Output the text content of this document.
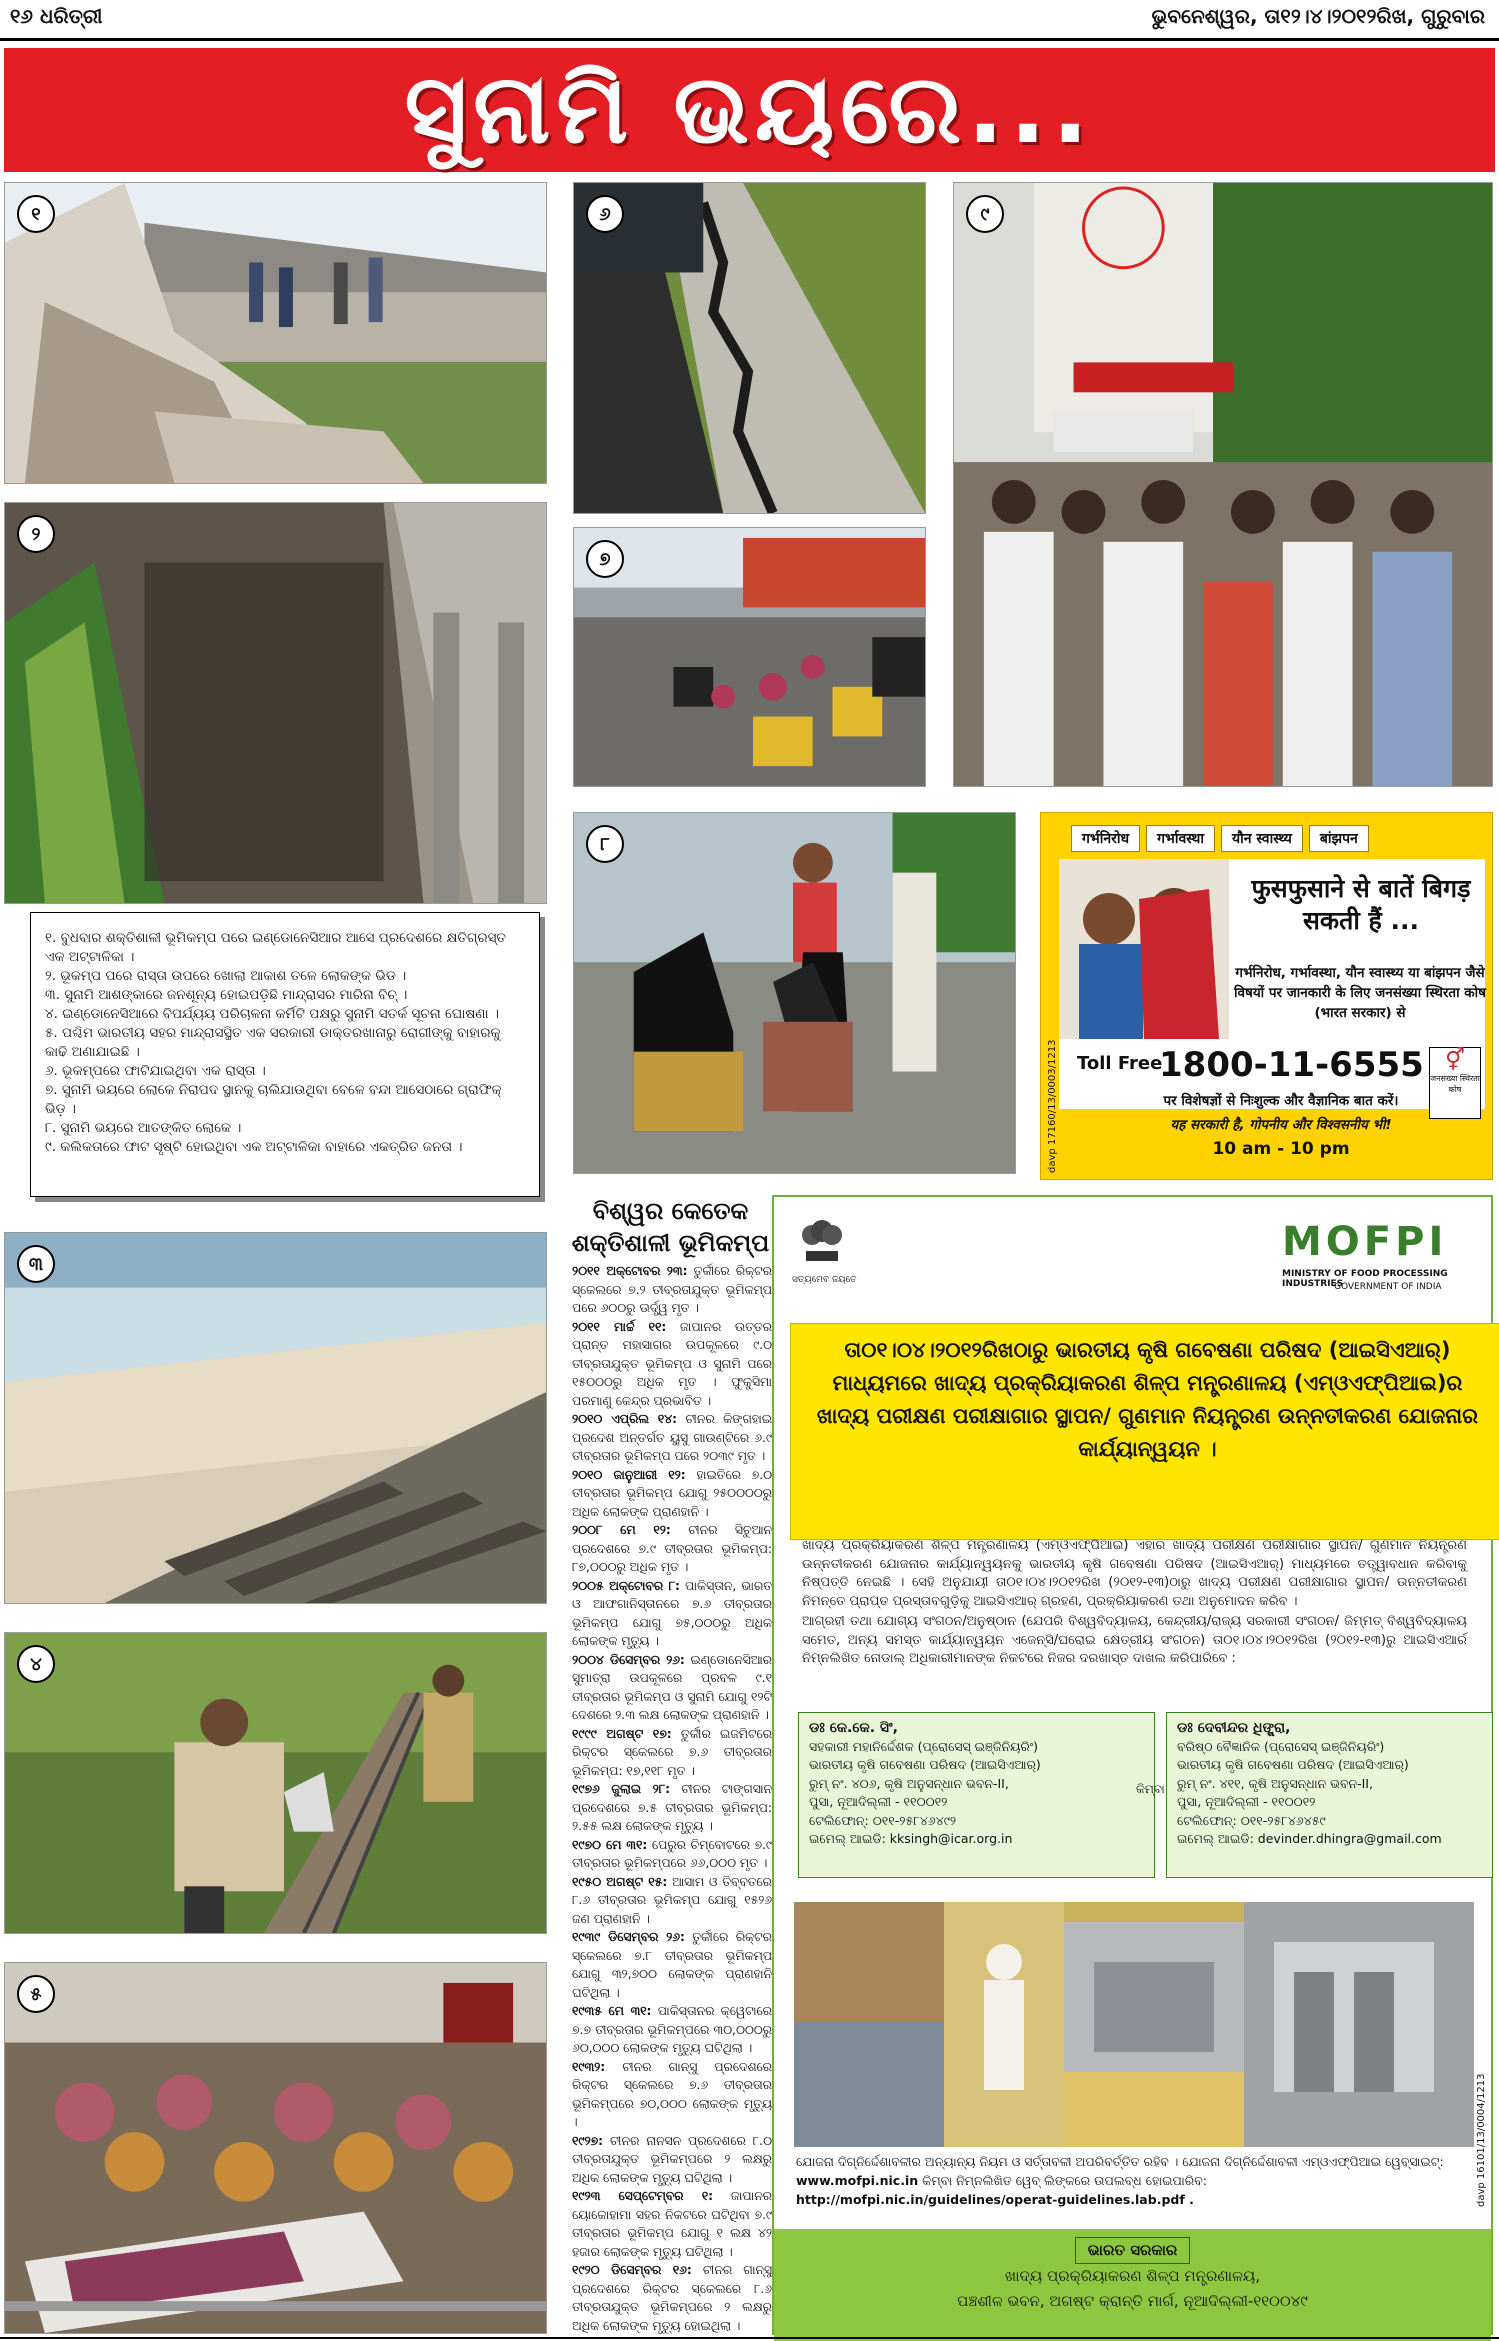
୧୬ ଧରିତ୍ରୀ	ଭୁବନେଶ୍ୱର, ତା୧୨।୪।୨୦୧୨ରିଖ, ଗୁରୁବାର
ସୁନାମି ଭୟରେ...
୧
୨
୧. ବୁଧବାର ଶକ୍ତିଶାଳୀ ଭୂମିକମ୍ପ ପରେ ଇଣ୍ଡୋନେସିଆର ଆସେ ପ୍ରଦେଶରେ କ୍ଷତିଗ୍ରସ୍ତ ଏକ ଅଟ୍ଟାଳିକା ।
୨. ଭୂକମ୍ପ ପରେ ରାସ୍ତା ଉପରେ ଖୋଲା ଆକାଶ ତଳେ ଲୋକଙ୍କ ଭିଡ ।
୩. ସୁନାମି ଆଶଙ୍କାରେ ଜନଶୂନ୍ୟ ହୋଇପଡ଼ିଛି ମାନ୍ଦ୍ରାସର ମାରିନା ବିଚ୍ ।
୪. ଇଣ୍ଡୋନେସିଆରେ ବିପର୍ଯ୍ୟୟ ପରିଚାଳନା କର୍ମିଟି ପକ୍ଷରୁ ସୁନାମି ସତର୍କ ସୂଚନା ଘୋଷଣା ।
୫. ପଶ୍ଚିମ ଭାରତୀୟ ସହର ମାନ୍ଦ୍ରାସସ୍ଥିତ ଏକ ସରକାରୀ ଡାକ୍ତରଖାନାରୁ ରୋଗୀଙ୍କୁ ବାହାରକୁ କାଢି ଅଣାଯାଇଛି ।
୬. ଭୂକମ୍ପରେ ଫାଟିଯାଇଥିବା ଏକ ରାସ୍ତା ।
୭. ସୁନାମି ଭୟରେ ଲୋକେ ନିରାପଦ ସ୍ଥାନକୁ ଚାଲିଯାଉଥିବା ବେଳେ ବନ୍ଦା ଆସେଠାରେ ଗ୍ରାଫିକ୍ ଭିଡ଼ ।
୮. ସୁନାମି ଭୟରେ ଆତଙ୍କିତ ଲୋକେ ।
୯. କଲିକତାରେ ଫାଟ ସୃଷ୍ଟି ହୋଇଥିବା ଏକ ଅଟ୍ଟାଳିକା ବାହାରେ ଏକତ୍ରିତ ଜନତା ।
୩
୪
୫
୬
୭
୮
୯
ବିଶ୍ୱର କେତେକ ଶକ୍ତିଶାଳୀ ଭୂମିକମ୍ପ

୨୦୧୧ ଅକ୍ଟୋବର ୨୩: ତୁର୍କୀରେ ରିକ୍ଟର ସ୍କେଲରେ ୭.୨ ତୀବ୍ରତାଯୁକ୍ତ ଭୂମିକମ୍ପ ପରେ ୬୦୦ରୁ ଊର୍ଦ୍ଧ୍ୱ ମୃତ ।

୨୦୧୧ ମାର୍ଚ୍ଚ ୧୧: ଜାପାନର ଉତ୍ତର ପ୍ରାନ୍ତ ମହାସାଗର ଉପକୂଳରେ ୯.୦ ତୀବ୍ରତାଯୁକ୍ତ ଭୂମିକମ୍ପ ଓ ସୁନାମି ପରେ ୧୫୦୦୦ରୁ ଅଧିକ ମୃତ । ଫୁକୁସିମା ପରମାଣୁ କେନ୍ଦ୍ର ପ୍ରଭାବିତ ।

୨୦୧୦ ଏପ୍ରିଲ ୧୪: ଚୀନର କିଙ୍ଗହାଇ ପ୍ରଦେଶ ଅନ୍ତର୍ଗତ ୟୁସୁ ଗାଉଣ୍ଟିରେ ୬.୯ ତୀବ୍ରତାର ଭୂମିକମ୍ପ ପରେ ୨୦୩୯ ମୃତ ।

୨୦୧୦ ଜାନୁଆରୀ ୧୨: ହାଇତିରେ ୭.୦ ତୀବ୍ରତାର ଭୂମିକମ୍ପ ଯୋଗୁ ୨୫୦୦୦୦ରୁ ଅଧିକ ଲୋକଙ୍କ ପ୍ରାଣହାନି ।

୨୦୦୮ ମେ ୧୨: ଚୀନର ସିଚୁଆନ ପ୍ରଦେଶରେ ୭.୯ ତୀବ୍ରତାର ଭୂମିକମ୍ପ: ୮୭,୦୦୦ରୁ ଅଧିକ ମୃତ ।

୨୦୦୫ ଅକ୍ଟୋବର ୮: ପାକିସ୍ତାନ, ଭାରତ ଓ ଆଫଗାନିସ୍ତାନରେ ୭.୬ ତୀବ୍ରତାର ଭୂମିକମ୍ପ ଯୋଗୁ ୭୫,୦୦୦ରୁ ଅଧିକ ଲୋକଙ୍କ ମୃତ୍ୟୁ ।

୨୦୦୪ ଡିସେମ୍ବର ୨୬: ଇଣ୍ଡୋନେସିଆର ସୁମାତ୍ରା ଉପକୂଳରେ ପ୍ରବଳ ୯.୧ ତୀବ୍ରତାର ଭୂମିକମ୍ପ ଓ ସୁନାମି ଯୋଗୁ ୧୨ଟି ଦେଶରେ ୨.୩ ଲକ୍ଷ ଲୋକଙ୍କ ପ୍ରାଣହାନି ।

୧୯୯୯ ଅଗଷ୍ଟ ୧୭: ତୁର୍କୀର ଇଜମିଟରେ ରିକ୍ଟର ସ୍କେଲରେ ୭.୬ ତୀବ୍ରତାର ଭୂମିକମ୍ପ: ୧୭,୧୧୮ ମୃତ ।

୧୯୭୬ ଜୁଲାଇ ୨୮: ଚୀନର ଟାଙ୍ଗସାନ ପ୍ରଦେଶରେ ୭.୫ ତୀବ୍ରତାର ଭୂମିକମ୍ପ: ୨.୫୫ ଲକ୍ଷ ଲୋକଙ୍କ ମୃତ୍ୟୁ ।

୧୯୭୦ ମେ ୩୧: ପେରୁର ଚିମ୍ବୋଟରେ ୭.୯ ତୀବ୍ରତାର ଭୂମିକମ୍ପରେ ୬୬,୦୦୦ ମୃତ ।

୧୯୫୦ ଅଗଷ୍ଟ ୧୫: ଆସାମ ଓ ତିବ୍ବତରେ ୮.୬ ତୀବ୍ରତାର ଭୂମିକମ୍ପ ଯୋଗୁ ୧୫୨୬ ଜଣ ପ୍ରାଣହାନି ।

୧୯୩୯ ଡିସେମ୍ବର ୨୬: ତୁର୍କୀରେ ରିକ୍ଟର ସ୍କେଲରେ ୭.୮ ତୀବ୍ରତାର ଭୂମିକମ୍ପ ଯୋଗୁ ୩୨,୭୦୦ ଲୋକଙ୍କ ପ୍ରାଣହାନି ଘଟିଥିଲା ।

୧୯୩୫ ମେ ୩୧: ପାକିସ୍ତାନର କ୍ୱେଟାରେ ୭.୭ ତୀବ୍ରତାର ଭୂମିକମ୍ପରେ ୩୦,୦୦୦ରୁ ୬୦,୦୦୦ ଲୋକଙ୍କ ମୃତ୍ୟୁ ଘଟିଥିଲା ।

୧୯୩୨: ଚୀନର ଗାନ୍ସୁ ପ୍ରଦେଶରେ ରିକ୍ଟର ସ୍କେଲରେ ୭.୬ ତୀବ୍ରତାର ଭୂମିକମ୍ପରେ ୭୦,୦୦୦ ଲୋକଙ୍କ ମୃତ୍ୟୁ ।

୧୯୨୭: ଚୀନର ନାନସନ ପ୍ରଦେଶରେ ୮.୦ ତୀବ୍ରତାଯୁକ୍ତ ଭୂମିକମ୍ପରେ ୨ ଲକ୍ଷରୁ ଅଧିକ ଲୋକଙ୍କ ମୃତ୍ୟୁ ଘଟିଥିଲା ।

୧୯୨୩ ସେପ୍ଟେମ୍ବର ୧: ଜାପାନର ୟୋକୋହାମା ସହର ନିକଟରେ ଘଟିଥିବା ୭.୯ ତୀବ୍ରତାର ଭୂମିକମ୍ପ ଯୋଗୁ ୧ ଲକ୍ଷ ୪୨ ହଜାର ଲୋକଙ୍କ ମୃତ୍ୟୁ ଘଟିଥିଲା ।

୧୯୨୦ ଡିସେମ୍ବର ୧୬: ଚୀନର ଗାନ୍ସୁ ପ୍ରଦେଶରେ ରିକ୍ଟର ସ୍କେଲରେ ୮.୬ ତୀବ୍ରତାଯୁକ୍ତ ଭୂମିକମ୍ପରେ ୨ ଲକ୍ଷରୁ ଅଧିକ ଲୋକଙ୍କ ମୃତ୍ୟୁ ହୋଇଥିଲା ।

गर्भनिरोध	गर्भावस्था	यौन स्वास्थ्य	बांझपन
फुसफुसाने से बातें बिगड़ सकती हैं ...
गर्भनिरोध, गर्भावस्था, यौन स्वास्थ्य या बांझपन जैसे विषयों पर जानकारी के लिए जनसंख्या स्थिरता कोष (भारत सरकार) से
Toll Free
1800-11-6555
पर विशेषज्ञों से निःशुल्क और वैज्ञानिक बात करें।
यह सरकारी है, गोपनीय और विश्वसनीय भी!
10 am - 10 pm
⚥
जनसंख्या स्थिरता कोष
davp 17160/13/0003/1213
ସତ୍ୟମେବ ଜୟତେ
MOFPI
MINISTRY OF FOOD PROCESSING INDUSTRIES
GOVERNMENT OF INDIA
ତା୦୧।୦୪।୨୦୧୨ରିଖଠାରୁ ଭାରତୀୟ କୃଷି ଗବେଷଣା ପରିଷଦ (ଆଇସିଏଆର୍) ମାଧ୍ୟମରେ ଖାଦ୍ୟ ପ୍ରକ୍ରିୟାକରଣ ଶିଳ୍ପ ମନ୍ତ୍ରଣାଳୟ (ଏମ୍ଓଏଫ୍ପିଆଇ)ର ଖାଦ୍ୟ ପରୀକ୍ଷଣ ପରୀକ୍ଷାଗାର ସ୍ଥାପନ/ ଗୁଣମାନ ନିୟନ୍ତ୍ରଣ ଉନ୍ନତୀକରଣ ଯୋଜନାର କାର୍ଯ୍ୟାନ୍ୱୟନ ।

ଖାଦ୍ୟ ପ୍ରକ୍ରିୟାକରଣ ଶିଳ୍ପ ମନ୍ତ୍ରଣାଳୟ (ଏମ୍ଓଏଫ୍ପିଆଇ) ଏହାର ଖାଦ୍ୟ ପରୀକ୍ଷଣ ପରୀକ୍ଷାଗାର ସ୍ଥାପନ/ ଗୁଣମାନ ନିୟନ୍ତ୍ରଣ ଉନ୍ନତୀକରଣ ଯୋଜନାର କାର୍ଯ୍ୟାନ୍ୱୟନକୁ ଭାରତୀୟ କୃଷି ଗବେଷଣା ପରିଷଦ (ଆଇସିଏଆର୍) ମାଧ୍ୟମରେ ତତ୍ତ୍ୱାବଧାନ କରିବାକୁ ନିଷ୍ପତ୍ତି ନେଇଛି । ସେହି ଅନୁଯାୟୀ ତା୦୧।୦୪।୨୦୧୨ରିଖ (୨୦୧୨-୧୩)ଠାରୁ ଖାଦ୍ୟ ପରୀକ୍ଷଣ ପରୀକ୍ଷାଗାର ସ୍ଥାପନ/ ଉନ୍ନତୀକରଣ ନିମନ୍ତେ ପ୍ରାପ୍ତ ପ୍ରସ୍ତାବଗୁଡ଼ିକୁ ଆଇସିଏଆର୍ ଗ୍ରହଣ, ପ୍ରକ୍ରିୟାକରଣ ତଥା ଅନୁମୋଦନ କରିବ ।

ଆଗ୍ରହୀ ତଥା ଯୋଗ୍ୟ ସଂଗଠନ/ଅନୁଷ୍ଠାନ (ଯେପରି ବିଶ୍ୱବିଦ୍ୟାଳୟ, କେନ୍ଦ୍ରୀୟ/ରାଜ୍ୟ ସରକାରୀ ସଂଗଠନ/ ଜିମ୍ମତ୍ ବିଶ୍ୱବିଦ୍ୟାଳୟ ସମେତ, ଅନ୍ୟ ସମସ୍ତ କାର୍ଯ୍ୟାନ୍ୱୟନ ଏଜେନ୍ସି/ଘରୋଇ କ୍ଷେତ୍ରୀୟ ସଂଗଠନ) ତା୦୧।୦୪।୨୦୧୨ରିଖ (୨୦୧୨-୧୩)ରୁ ଆଇସିଏଆର୍ର ନିମ୍ନଲିଖିତ ନୋଡାଲ୍ ଅଧିକାରୀମାନଙ୍କ ନିକଟରେ ନିଜର ଦରଖାସ୍ତ ଦାଖଲ କରିପାରିବେ :

ଡଃ କେ.କେ. ସିଂ,
ସହକାରୀ ମହାନିର୍ଦ୍ଦେଶକ (ପ୍ରୋସେସ୍ ଇଞ୍ଜିନିୟରିଂ)
ଭାରତୀୟ କୃଷି ଗବେଷଣା ପରିଷଦ (ଆଇସିଏଆର୍)
ରୁମ୍ ନଂ. ୪୦୬, କୃଷି ଅନୁସନ୍ଧାନ ଭବନ-II,
ପୁସା, ନୂଆଦିଲ୍ଲୀ - ୧୧୦୦୧୨
ଟେଲିଫୋନ୍: ୦୧୧-୨୫୮୪୬୪୯୨
ଇମେଲ୍ ଆଇଡି: kksingh@icar.org.in
କିମ୍ବା
ଡଃ ଦେବୀନ୍ଦର ଧିଙ୍ଗ୍ରା,
ବରିଷ୍ଠ ବୈଜ୍ଞାନିକ (ପ୍ରୋସେସ୍ ଇଞ୍ଜିନିୟରିଂ)
ଭାରତୀୟ କୃଷି ଗବେଷଣା ପରିଷଦ (ଆଇସିଏଆର୍)
ରୁମ୍ ନଂ. ୪୧୧, କୃଷି ଅନୁସନ୍ଧାନ ଭବନ-II,
ପୁସା, ନୂଆଦିଲ୍ଲୀ - ୧୧୦୦୧୨
ଟେଲିଫୋନ୍: ୦୧୧-୨୫୮୪୬୪୫୯
ଇମେଲ୍ ଆଇଡି: devinder.dhingra@gmail.com
ଯୋଜନା ଦିଗ୍ନିର୍ଦ୍ଦେଶାବଳୀର ଅନ୍ୟାନ୍ୟ ନିୟମ ଓ ସର୍ତ୍ତାବଳୀ ଅପରିବର୍ତ୍ତିତ ରହିବ । ଯୋଜନା ଦିଗ୍ନିର୍ଦ୍ଦେଶାବଳୀ ଏମ୍ଓଏଫ୍ପିଆଇ ୱେବ୍ସାଇଟ୍: www.mofpi.nic.in କିମ୍ବା ନିମ୍ନଲିଖିତ ୱେବ୍ ଲିଙ୍କରେ ଉପଲବ୍ଧ ହୋଇପାରିବ:
http://mofpi.nic.in/guidelines/operat-guidelines.lab.pdf .
ଭାରତ ସରକାର
ଖାଦ୍ୟ ପ୍ରକ୍ରିୟାକରଣ ଶିଳ୍ପ ମନ୍ତ୍ରଣାଳୟ,
ପଞ୍ଚଶୀଳ ଭବନ, ଅଗଷ୍ଟ କ୍ରାନ୍ତି ମାର୍ଗ, ନୂଆଦିଲ୍ଲୀ-୧୧୦୦୪୯
davp 16101/13/0004/1213
